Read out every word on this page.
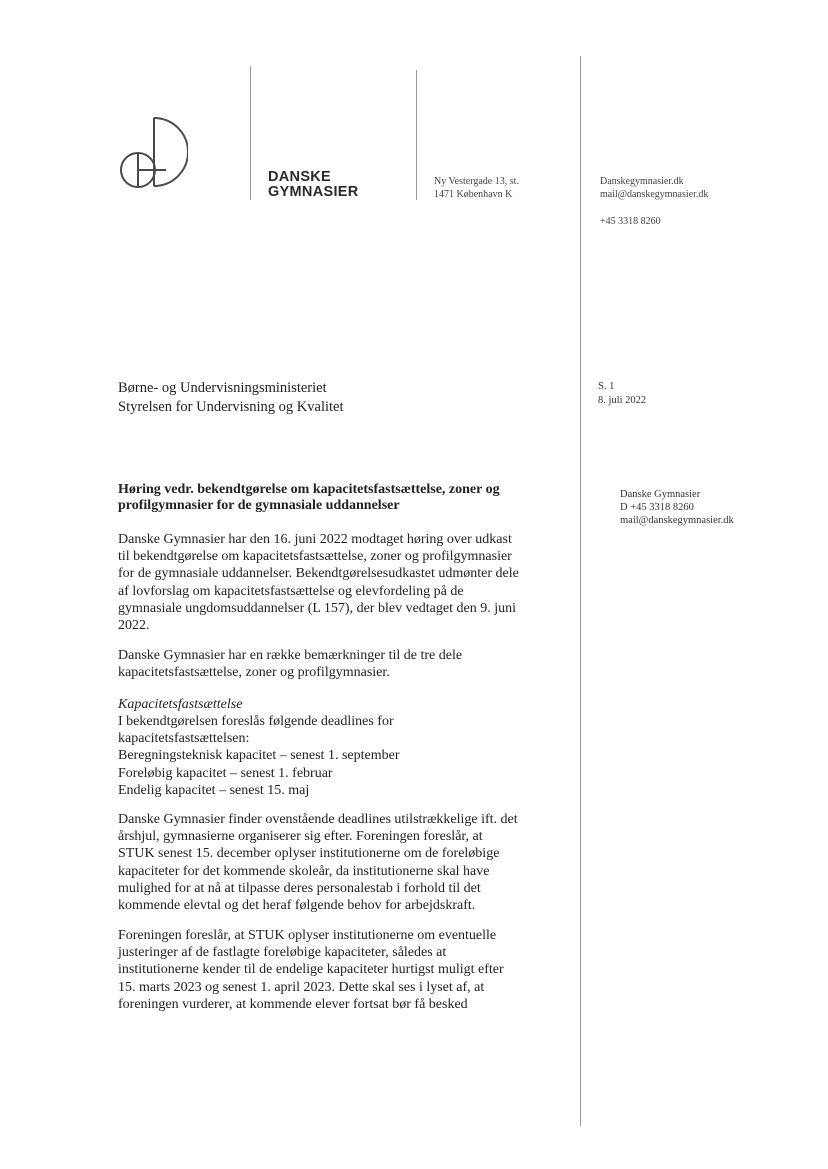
DANSKE
GYMNASIER
Ny Vestergade 13, st.
1471 København K
Danskegymnasier.dk
mail@danskegymnasier.dk
+45 3318 8260
Børne- og Undervisningsministeriet
Styrelsen for Undervisning og Kvalitet
S. 1
8. juli 2022
Danske Gymnasier
D +45 3318 8260
mail@danskegymnasier.dk
Høring vedr. bekendtgørelse om kapacitetsfastsættelse, zoner og profilgymnasier for de gymnasiale uddannelser
Danske Gymnasier har den 16. juni 2022 modtaget høring over udkast
til bekendtgørelse om kapacitetsfastsættelse, zoner og profilgymnasier
for de gymnasiale uddannelser. Bekendtgørelsesudkastet udmønter dele
af lovforslag om kapacitetsfastsættelse og elevfordeling på de
gymnasiale ungdomsuddannelser (L 157), der blev vedtaget den 9. juni
2022.
Danske Gymnasier har en række bemærkninger til de tre dele
kapacitetsfastsættelse, zoner og profilgymnasier.
Kapacitetsfastsættelse
I bekendtgørelsen foreslås følgende deadlines for
kapacitetsfastsættelsen:
Beregningsteknisk kapacitet – senest 1. september
Foreløbig kapacitet – senest 1. februar
Endelig kapacitet – senest 15. maj
Danske Gymnasier finder ovenstående deadlines utilstrækkelige ift. det
årshjul, gymnasierne organiserer sig efter. Foreningen foreslår, at
STUK senest 15. december oplyser institutionerne om de foreløbige
kapaciteter for det kommende skoleår, da institutionerne skal have
mulighed for at nå at tilpasse deres personalestab i forhold til det
kommende elevtal og det heraf følgende behov for arbejdskraft.
Foreningen foreslår, at STUK oplyser institutionerne om eventuelle
justeringer af de fastlagte foreløbige kapaciteter, således at
institutionerne kender til de endelige kapaciteter hurtigst muligt efter
15. marts 2023 og senest 1. april 2023. Dette skal ses i lyset af, at
foreningen vurderer, at kommende elever fortsat bør få besked
